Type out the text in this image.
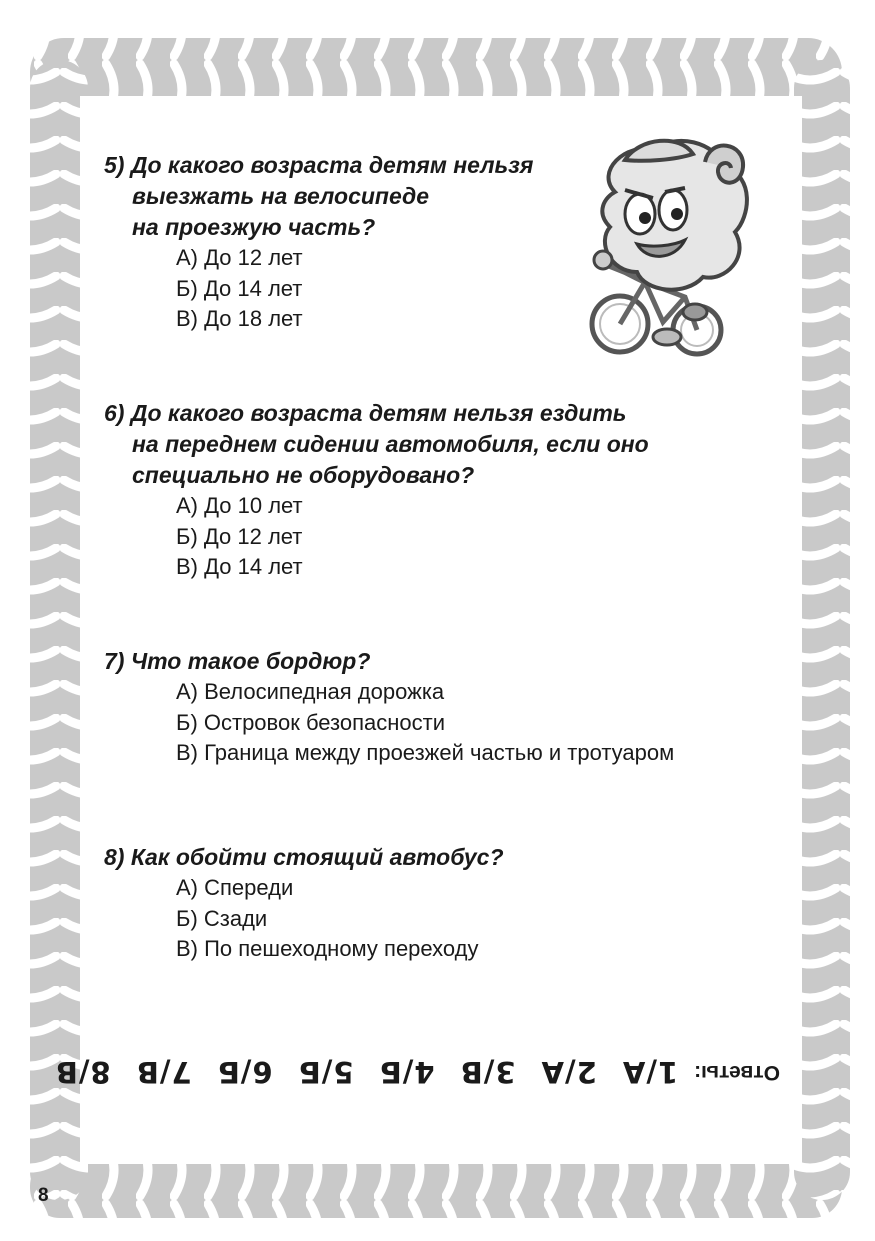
5) До какого возраста детям нельзя
выезжать на велосипеде
на проезжую часть?

А) До 12 лет
Б) До 14 лет
В) До 18 лет

6) До какого возраста детям нельзя ездить
на переднем сидении автомобиля, если оно
специально не оборудовано?

А) До 10 лет
Б) До 12 лет
В) До 14 лет

7) Что такое бордюр?

А) Велосипедная дорожка
Б) Островок безопасности
В) Граница между проезжей частью и тротуаром

8) Как обойти стоящий автобус?

А) Спереди
Б) Сзади
В) По пешеходному переходу
Ответы:
1/А 2/А 3/В 4/Б 5/Б 6/Б 7/В 8/В
8
